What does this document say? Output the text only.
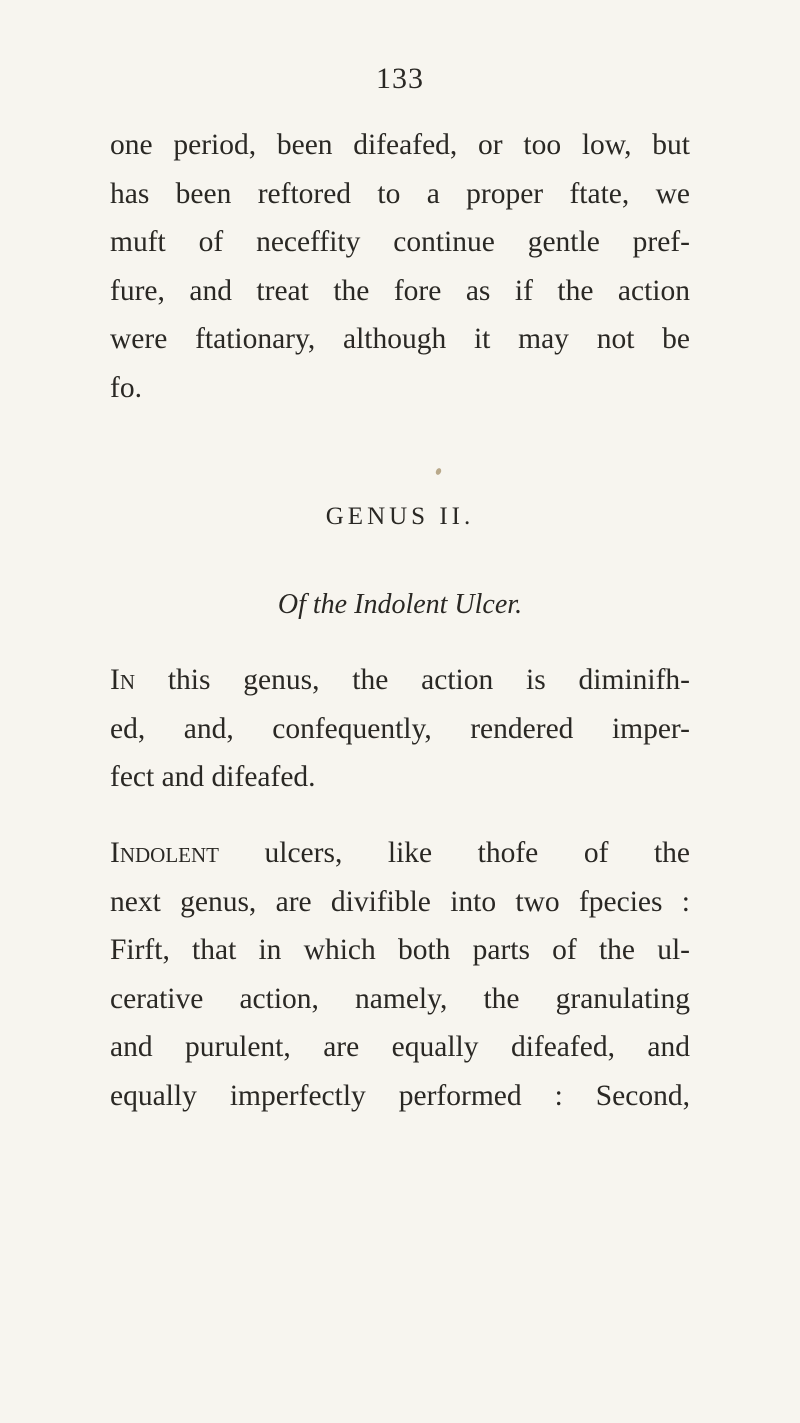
133
one period, been difeafed, or too low, but
has been reftored to a proper ftate, we
muft of neceffity continue gentle pref-
fure, and treat the fore as if the action
were ftationary, although it may not be
fo.
GENUS II.
Of the Indolent Ulcer.
In this genus, the action is diminifh-
ed, and, confequently, rendered imper-
fect and difeafed.
Indolent ulcers, like thofe of the
next genus, are divifible into two fpecies :
Firft, that in which both parts of the ul-
cerative action, namely, the granulating
and purulent, are equally difeafed, and
equally imperfectly performed : Second,
